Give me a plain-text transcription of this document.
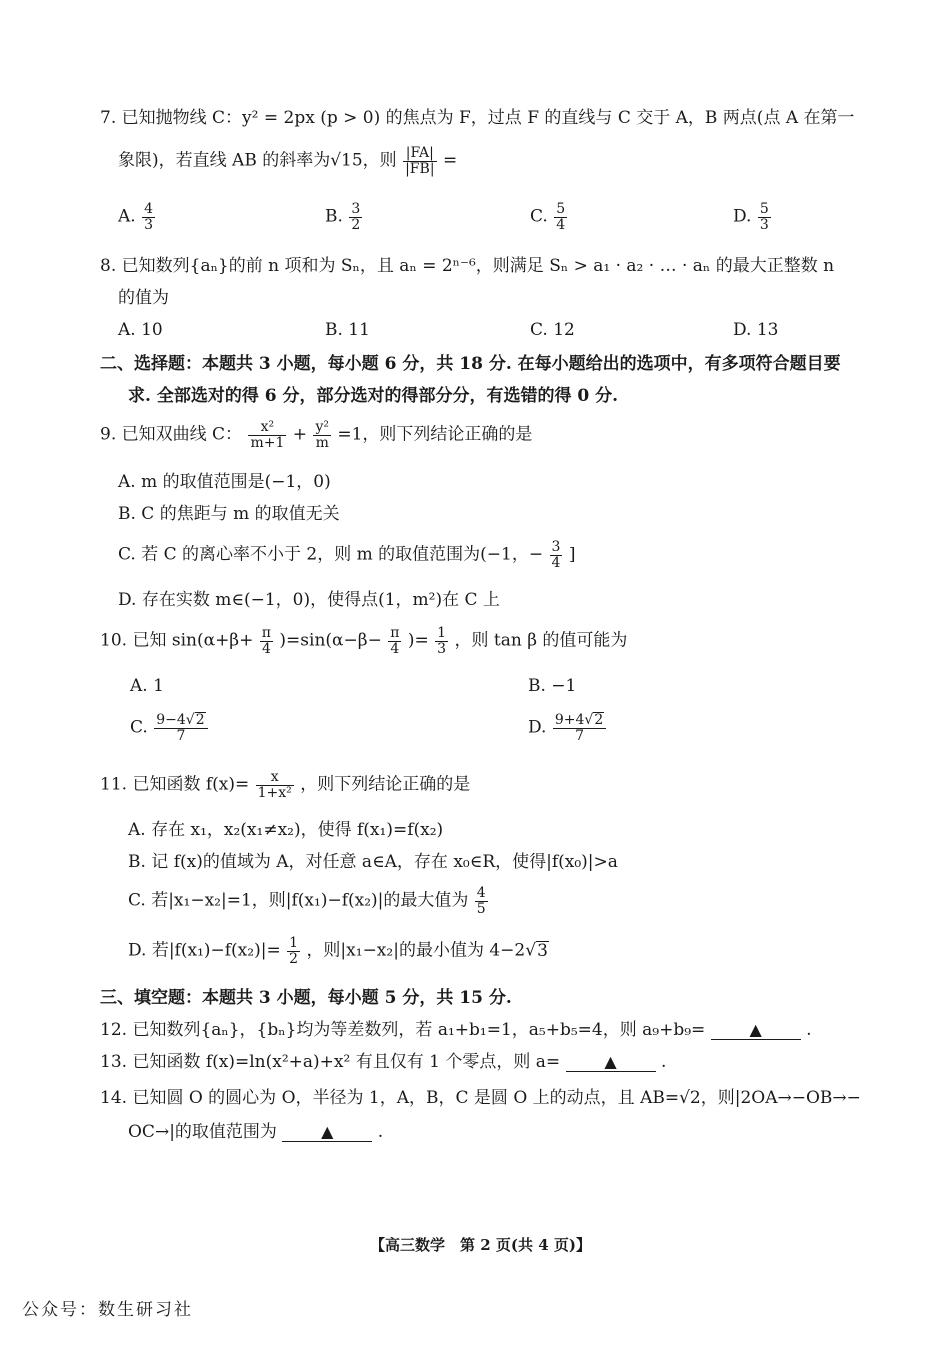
7. 已知抛物线 C：y² = 2px (p > 0) 的焦点为 F，过点 F 的直线与 C 交于 A，B 两点(点 A 在第一
象限)，若直线 AB 的斜率为√15，则 $\frac{|FA|}{|FB|}$ =
A. $\frac{4}{3}$	B. $\frac{3}{2}$	C. $\frac{5}{4}$	D. $\frac{5}{3}$
8. 已知数列{aₙ}的前 n 项和为 Sₙ，且 aₙ = 2ⁿ⁻⁶，则满足 Sₙ > a₁ · a₂ · … · aₙ 的最大正整数 n
的值为
A. 10	B. 11	C. 12	D. 13
二、选择题：本题共 3 小题，每小题 6 分，共 18 分. 在每小题给出的选项中，有多项符合题目要
求. 全部选对的得 6 分，部分选对的得部分分，有选错的得 0 分.
9. 已知双曲线 C： $\frac{\text{x²}}{m+1} + \frac{\text{y²}}{m} =1$，则下列结论正确的是
A. m 的取值范围是(−1，0)
B. C 的焦距与 m 的取值无关
C. 若 C 的离心率不小于 2，则 m 的取值范围为(−1，− $\frac{3}{4}$ ]
D. 存在实数 m∈(−1，0)，使得点(1，m²)在 C 上
10. 已知 $\sin(\alpha+\beta+ \frac{\pi}{4} )=\sin(\alpha-\beta- \frac{\pi}{4}$ )= $\frac{1}{3}$ ，则 tan β 的值可能为
A. 1	B. −1
C. $\frac{9-4√2}{7}$	D. $\frac{9+4√2}{7}$
11. 已知函数 $f(x)= \frac{x}{\text{1+x²}}$ ，则下列结论正确的是
A. 存在 x₁，x₂(x₁≠x₂)，使得 f(x₁)=f(x₂)
B. 记 f(x)的值域为 A，对任意 a∈A，存在 x₀∈R，使得|f(x₀)|>a
C. 若|x₁−x₂|=1，则|f(x₁)−f(x₂)|的最大值为 $\frac{4}{5}$
D. 若$|f(x_1)-f(x_2)|= \frac{1}{2}$ ，则|x₁−x₂|的最小值为 4−2√3
三、填空题：本题共 3 小题，每小题 5 分，共 15 分.
12. 已知数列{aₙ}，{bₙ}均为等差数列，若 a₁+b₁=1，a₅+b₅=4，则 a₉+b₉=	▲	.
13. 已知函数 f(x)=ln(x²+a)+x² 有且仅有 1 个零点，则 a=	▲	.
14. 已知圆 O 的圆心为 O，半径为 1，A，B，C 是圆 O 上的动点，且 AB=√2，则|2OA→−OB→−
OC→|的取值范围为	▲	.
【高三数学　第 2 页(共 4 页)】
公众号：数生研习社
